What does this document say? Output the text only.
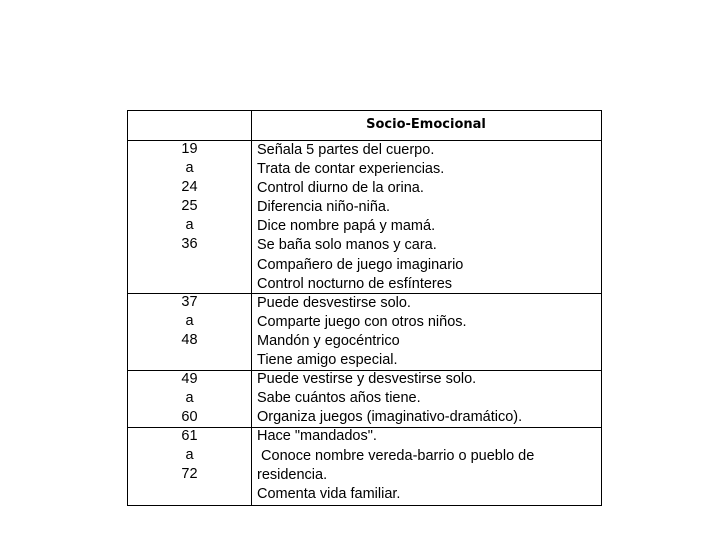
Socio-Emocional
19
a
24
25
a
36
37
a
48
49
a
60
61
a
72
Señala 5 partes del cuerpo.
Trata de contar experiencias.
Control diurno de la orina.
Diferencia niño-niña.
Dice nombre papá y mamá.
Se baña solo manos y cara.
Compañero de juego imaginario
Control nocturno de esfínteres
Puede desvestirse solo.
Comparte juego con otros niños.
Mandón y egocéntrico
Tiene amigo especial.
Puede vestirse y desvestirse solo.
Sabe cuántos años tiene.
Organiza juegos (imaginativo-dramático).
Hace "mandados".
Conoce nombre vereda-barrio o pueblo de
residencia.
Comenta vida familiar.
